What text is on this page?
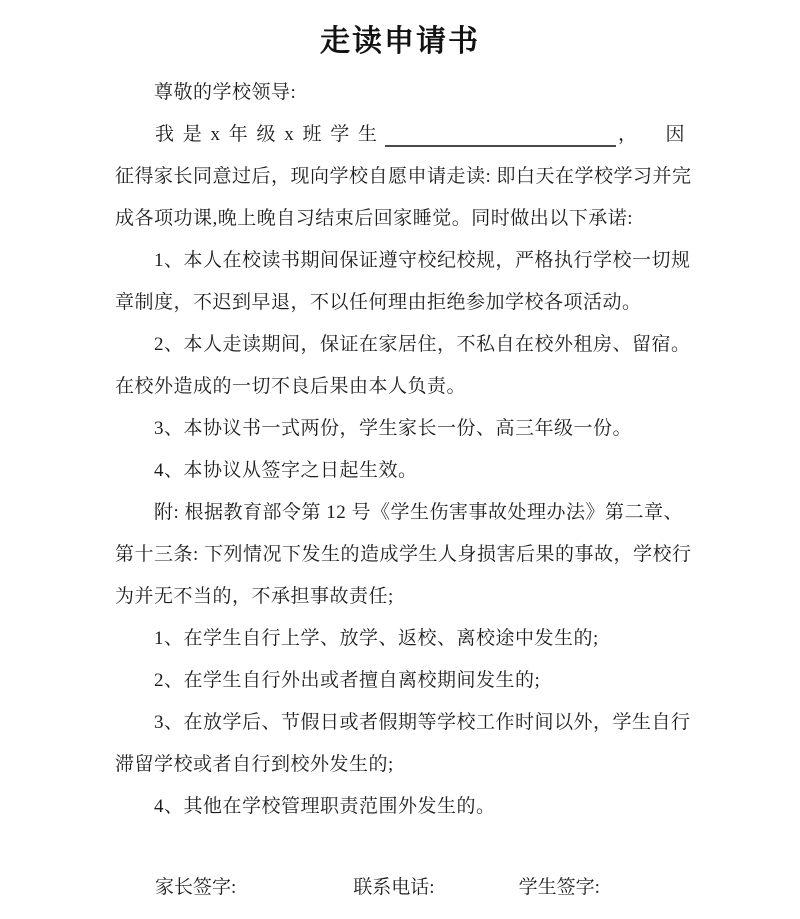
走读申请书
尊敬的学校领导:
我 是 x 年 级 x 班 学 生	， 因
征得家长同意过后，现向学校自愿申请走读: 即白天在学校学习并完
成各项功课,晚上晚自习结束后回家睡觉。同时做出以下承诺:
1、本人在校读书期间保证遵守校纪校规，严格执行学校一切规
章制度，不迟到早退，不以任何理由拒绝参加学校各项活动。
2、本人走读期间，保证在家居住，不私自在校外租房、留宿。
在校外造成的一切不良后果由本人负责。
3、本协议书一式两份，学生家长一份、高三年级一份。
4、本协议从签字之日起生效。
附: 根据教育部令第 12 号《学生伤害事故处理办法》第二章、
第十三条: 下列情况下发生的造成学生人身损害后果的事故，学校行
为并无不当的，不承担事故责任;
1、在学生自行上学、放学、返校、离校途中发生的;
2、在学生自行外出或者擅自离校期间发生的;
3、在放学后、节假日或者假期等学校工作时间以外，学生自行
滞留学校或者自行到校外发生的;
4、其他在学校管理职责范围外发生的。
家长签字:	联系电话:	学生签字:
